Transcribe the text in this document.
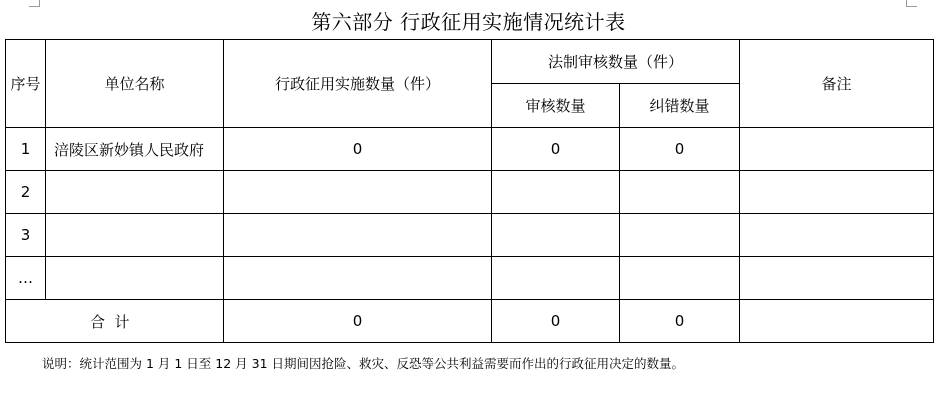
第六部分 行政征用实施情况统计表
序号	单位名称	行政征用实施数量（件）	法制审核数量（件）		备注
			审核数量	纠错数量	
1	涪陵区新妙镇人民政府	0	0	0	
2					
3					
…					
合  计		0	0	0	
说明：统计范围为 1 月 1 日至 12 月 31 日期间因抢险、救灾、反恐等公共利益需要而作出的行政征用决定的数量。
